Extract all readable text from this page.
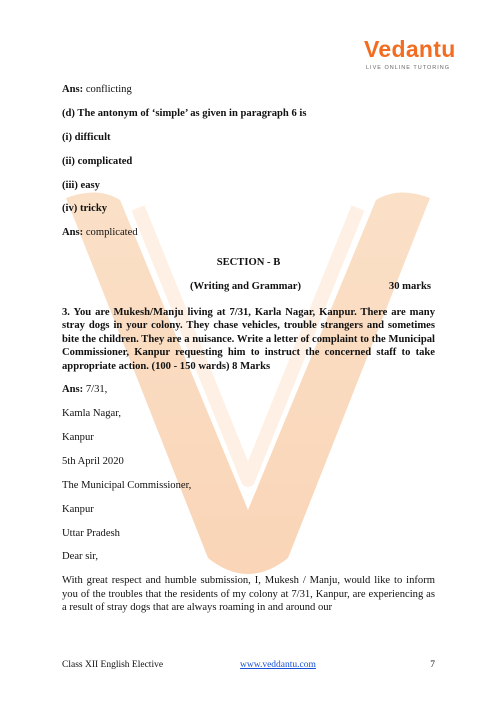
Vedantu
LIVE ONLINE TUTORING

Ans: conflicting

(d) The antonym of ‘simple’ as given in paragraph 6 is

(i) difficult

(ii) complicated

(iii) easy

(iv) tricky

Ans: complicated

SECTION - B

(Writing and Grammar)	30 marks

3. You are Mukesh/Manju living at 7/31, Karla Nagar, Kanpur. There are many stray dogs in your colony. They chase vehicles, trouble strangers and sometimes bite the children. They are a nuisance. Write a letter of complaint to the Municipal Commissioner, Kanpur requesting him to instruct the concerned staff to take appropriate action. (100 - 150 wards) 8 Marks

Ans: 7/31,

Kamla Nagar,

Kanpur

5th April 2020

The Municipal Commissioner,

Kanpur

Uttar Pradesh

Dear sir,

With great respect and humble submission, I, Mukesh / Manju, would like to inform you of the troubles that the residents of my colony at 7/31, Kanpur, are experiencing as a result of stray dogs that are always roaming in and around our

Class XII English Elective	www.veddantu.com	7
